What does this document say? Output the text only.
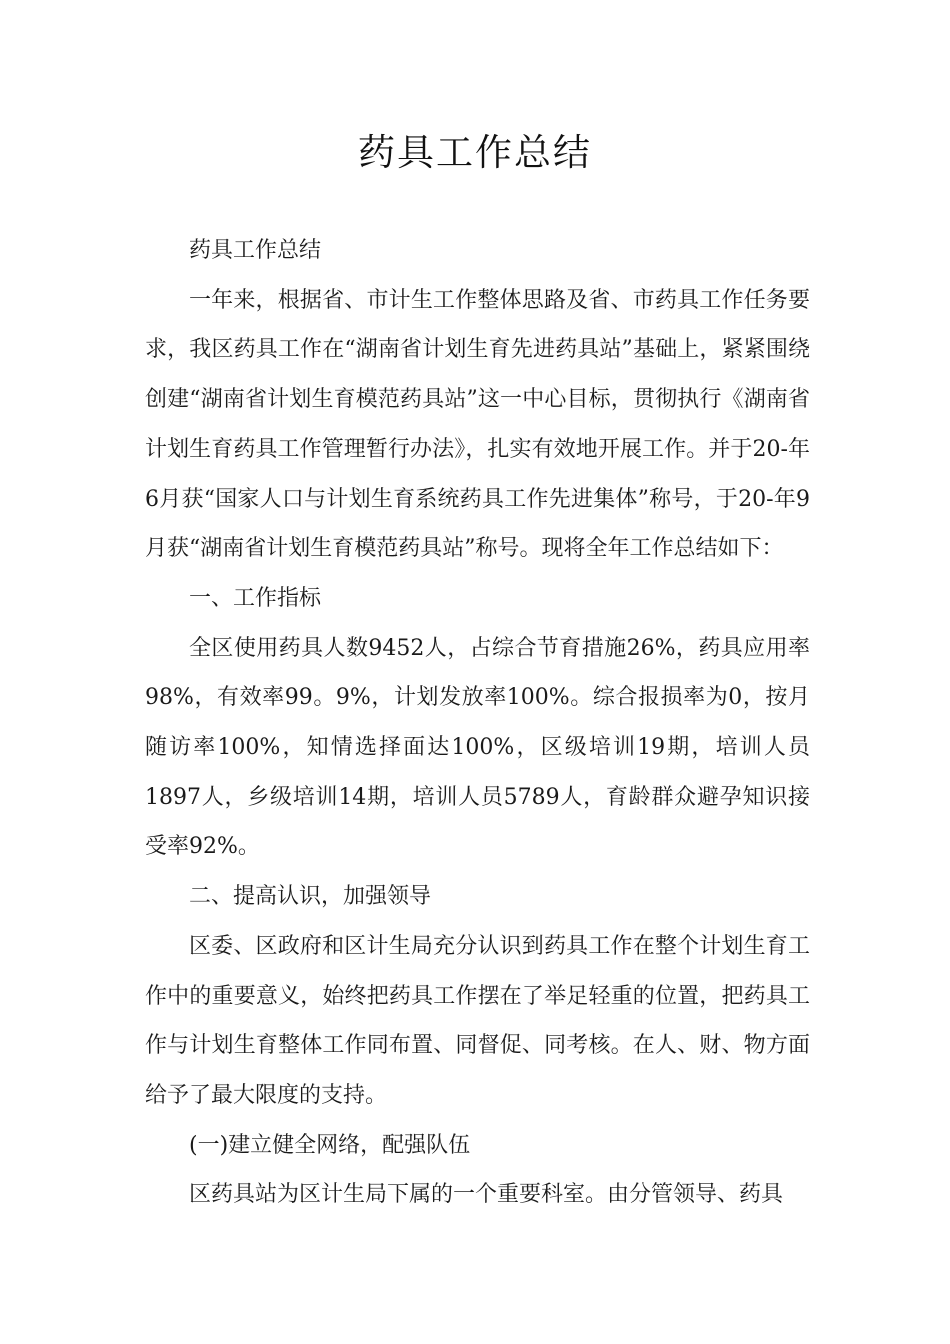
药具工作总结

药具工作总结

一年来，根据省、市计生工作整体思路及省、市药具工作任务要求，我区药具工作在“湖南省计划生育先进药具站”基础上，紧紧围绕创建“湖南省计划生育模范药具站”这一中心目标，贯彻执行《湖南省计划生育药具工作管理暂行办法》，扎实有效地开展工作。并于20-年6月获“国家人口与计划生育系统药具工作先进集体”称号，于20-年9月获“湖南省计划生育模范药具站”称号。现将全年工作总结如下：

一、工作指标

全区使用药具人数9452人，占综合节育措施26%，药具应用率98%，有效率99。9%，计划发放率100%。综合报损率为0，按月随访率100%，知情选择面达100%，区级培训19期，培训人员1897人，乡级培训14期，培训人员5789人，育龄群众避孕知识接受率92%。

二、提高认识，加强领导

区委、区政府和区计生局充分认识到药具工作在整个计划生育工作中的重要意义，始终把药具工作摆在了举足轻重的位置，把药具工作与计划生育整体工作同布置、同督促、同考核。在人、财、物方面给予了最大限度的支持。

(一)建立健全网络，配强队伍

区药具站为区计生局下属的一个重要科室。由分管领导、药具
